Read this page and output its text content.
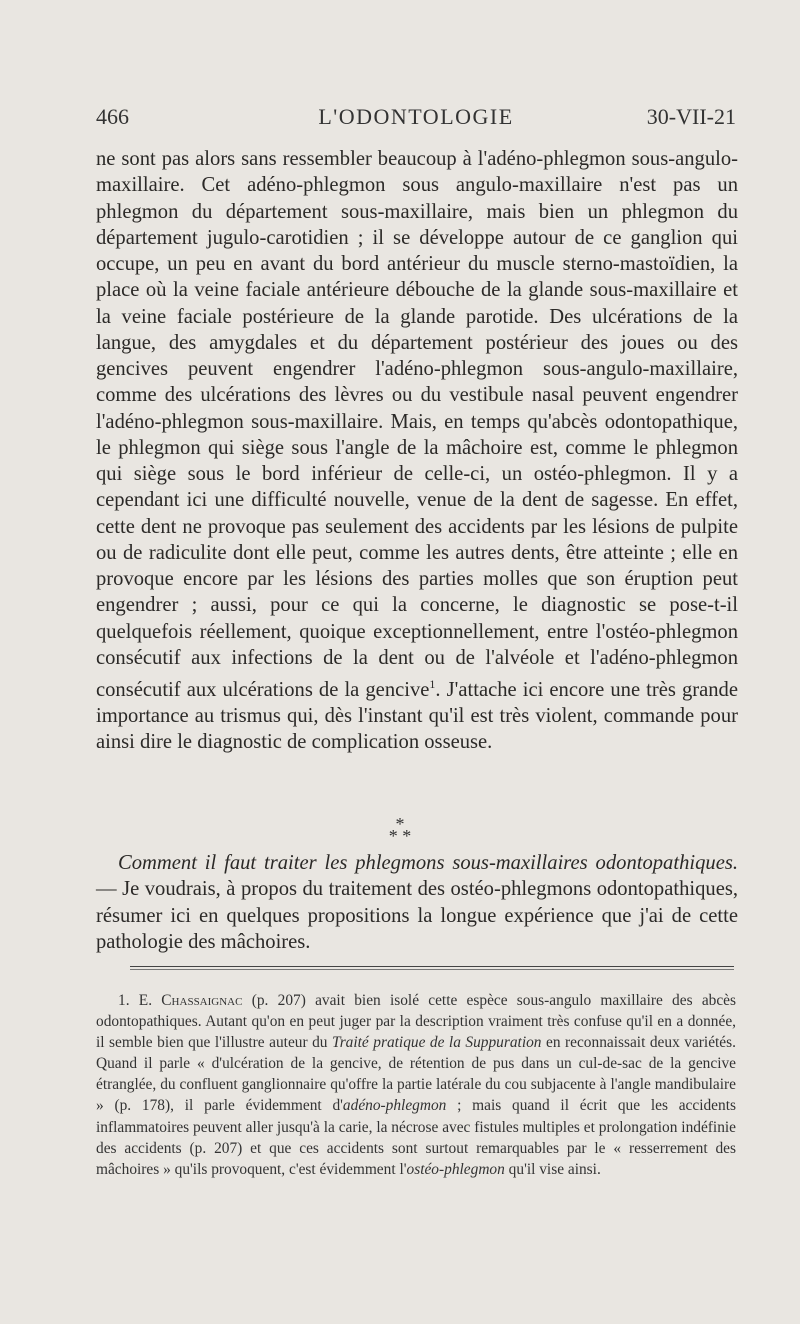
466	L'ODONTOLOGIE	30-VII-21

ne sont pas alors sans ressembler beaucoup à l'adéno-phlegmon sous-angulo-maxillaire. Cet adéno-phlegmon sous angulo-maxillaire n'est pas un phlegmon du département sous-maxillaire, mais bien un phlegmon du département jugulo-carotidien ; il se développe autour de ce ganglion qui occupe, un peu en avant du bord antérieur du muscle sterno-mastoïdien, la place où la veine faciale antérieure débouche de la glande sous-maxillaire et la veine faciale postérieure de la glande parotide. Des ulcérations de la langue, des amygdales et du département postérieur des joues ou des gencives peuvent engendrer l'adéno-phlegmon sous-angulo-maxillaire, comme des ulcérations des lèvres ou du vestibule nasal peuvent engendrer l'adéno-phlegmon sous-maxillaire. Mais, en temps qu'abcès odontopathique, le phlegmon qui siège sous l'angle de la mâchoire est, comme le phlegmon qui siège sous le bord inférieur de celle-ci, un ostéo-phlegmon. Il y a cependant ici une difficulté nouvelle, venue de la dent de sagesse. En effet, cette dent ne provoque pas seulement des accidents par les lésions de pulpite ou de radiculite dont elle peut, comme les autres dents, être atteinte ; elle en provoque encore par les lésions des parties molles que son éruption peut engendrer ; aussi, pour ce qui la concerne, le diagnostic se pose-t-il quelquefois réellement, quoique exceptionnellement, entre l'ostéo-phlegmon consécutif aux infections de la dent ou de l'alvéole et l'adéno-phlegmon consécutif aux ulcérations de la gencive$^1$. J'attache ici encore une très grande importance au trismus qui, dès l'instant qu'il est très violent, commande pour ainsi dire le diagnostic de complication osseuse.

*
* *

Comment il faut traiter les phlegmons sous-maxillaires odontopathiques. — Je voudrais, à propos du traitement des ostéo-phlegmons odontopathiques, résumer ici en quelques propositions la longue expérience que j'ai de cette pathologie des mâchoires.

1. E. Chassaignac (p. 207) avait bien isolé cette espèce sous-angulo maxillaire des abcès odontopathiques. Autant qu'on en peut juger par la description vraiment très confuse qu'il en a donnée, il semble bien que l'illustre auteur du Traité pratique de la Suppuration en reconnaissait deux variétés. Quand il parle « d'ulcération de la gencive, de rétention de pus dans un cul-de-sac de la gencive étranglée, du confluent ganglionnaire qu'offre la partie latérale du cou subjacente à l'angle mandibulaire » (p. 178), il parle évidemment d'adéno-phlegmon ; mais quand il écrit que les accidents inflammatoires peuvent aller jusqu'à la carie, la nécrose avec fistules multiples et prolongation indéfinie des accidents (p. 207) et que ces accidents sont surtout remarquables par le « resserrement des mâchoires » qu'ils provoquent, c'est évidemment l'ostéo-phlegmon qu'il vise ainsi.
